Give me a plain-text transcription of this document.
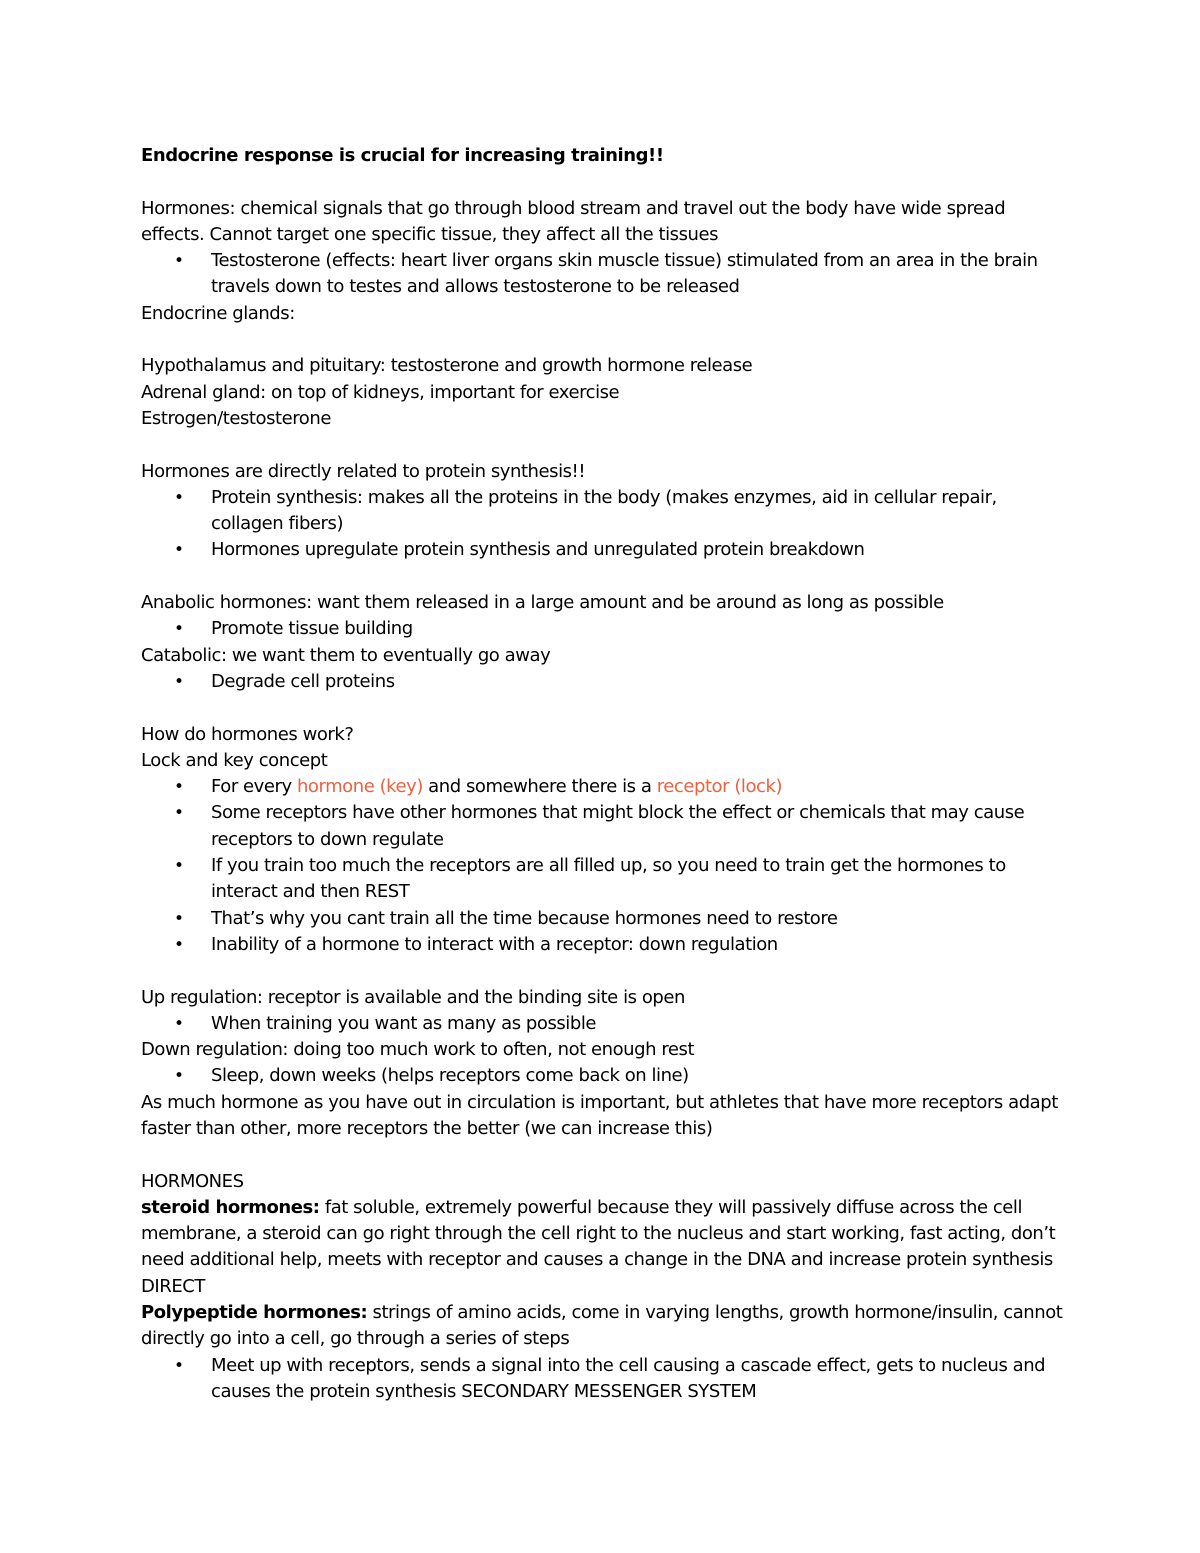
Endocrine response is crucial for increasing training!!
Hormones: chemical signals that go through blood stream and travel out the body have wide spread effects. Cannot target one specific tissue, they affect all the tissues
• Testosterone (effects: heart liver organs skin muscle tissue) stimulated from an area in the brain travels down to testes and allows testosterone to be released
Endocrine glands:
Hypothalamus and pituitary: testosterone and growth hormone release
Adrenal gland: on top of kidneys, important for exercise
Estrogen/testosterone
Hormones are directly related to protein synthesis!!
• Protein synthesis: makes all the proteins in the body (makes enzymes, aid in cellular repair, collagen fibers)
• Hormones upregulate protein synthesis and unregulated protein breakdown
Anabolic hormones: want them released in a large amount and be around as long as possible
• Promote tissue building
Catabolic: we want them to eventually go away
• Degrade cell proteins
How do hormones work?
Lock and key concept
• For every hormone (key) and somewhere there is a receptor (lock)
• Some receptors have other hormones that might block the effect or chemicals that may cause receptors to down regulate
• If you train too much the receptors are all filled up, so you need to train get the hormones to interact and then REST
• That’s why you cant train all the time because hormones need to restore
• Inability of a hormone to interact with a receptor: down regulation
Up regulation: receptor is available and the binding site is open
• When training you want as many as possible
Down regulation: doing too much work to often, not enough rest
• Sleep, down weeks (helps receptors come back on line)
As much hormone as you have out in circulation is important, but athletes that have more receptors adapt faster than other, more receptors the better (we can increase this)
HORMONES
steroid hormones: fat soluble, extremely powerful because they will passively diffuse across the cell membrane, a steroid can go right through the cell right to the nucleus and start working, fast acting, don’t need additional help, meets with receptor and causes a change in the DNA and increase protein synthesis DIRECT
Polypeptide hormones: strings of amino acids, come in varying lengths, growth hormone/insulin, cannot directly go into a cell, go through a series of steps
• Meet up with receptors, sends a signal into the cell causing a cascade effect, gets to nucleus and causes the protein synthesis SECONDARY MESSENGER SYSTEM
